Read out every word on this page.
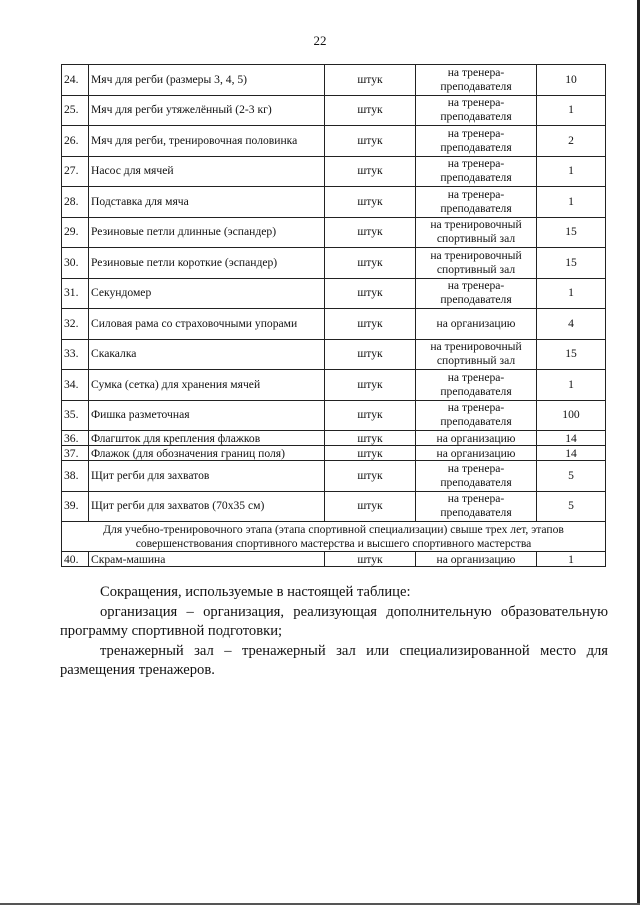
22
24.	Мяч для регби (размеры 3, 4, 5)	штук	на тренера-преподавателя	10
25.	Мяч для регби утяжелённый (2-3 кг)	штук	на тренера-преподавателя	1
26.	Мяч для регби, тренировочная половинка	штук	на тренера-преподавателя	2
27.	Насос для мячей	штук	на тренера-преподавателя	1
28.	Подставка для мяча	штук	на тренера-преподавателя	1
29.	Резиновые петли длинные (эспандер)	штук	на тренировочный спортивный зал	15
30.	Резиновые петли короткие (эспандер)	штук	на тренировочный спортивный зал	15
31.	Секундомер	штук	на тренера-преподавателя	1
32.	Силовая рама со страховочными упорами	штук	на организацию	4
33.	Скакалка	штук	на тренировочный спортивный зал	15
34.	Сумка (сетка) для хранения мячей	штук	на тренера-преподавателя	1
35.	Фишка разметочная	штук	на тренера-преподавателя	100
36.	Флагшток для крепления флажков	штук	на организацию	14
37.	Флажок (для обозначения границ поля)	штук	на организацию	14
38.	Щит регби для захватов	штук	на тренера-преподавателя	5
39.	Щит регби для захватов (70х35 см)	штук	на тренера-преподавателя	5
Для учебно-тренировочного этапа (этапа спортивной специализации) свыше трех лет, этапов совершенствования спортивного мастерства и высшего спортивного мастерства				
40.	Скрам-машина	штук	на организацию	1

Сокращения, используемые в настоящей таблице:

организация – организация, реализующая дополнительную образовательную программу спортивной подготовки;

тренажерный зал – тренажерный зал или специализированной место для размещения тренажеров.
